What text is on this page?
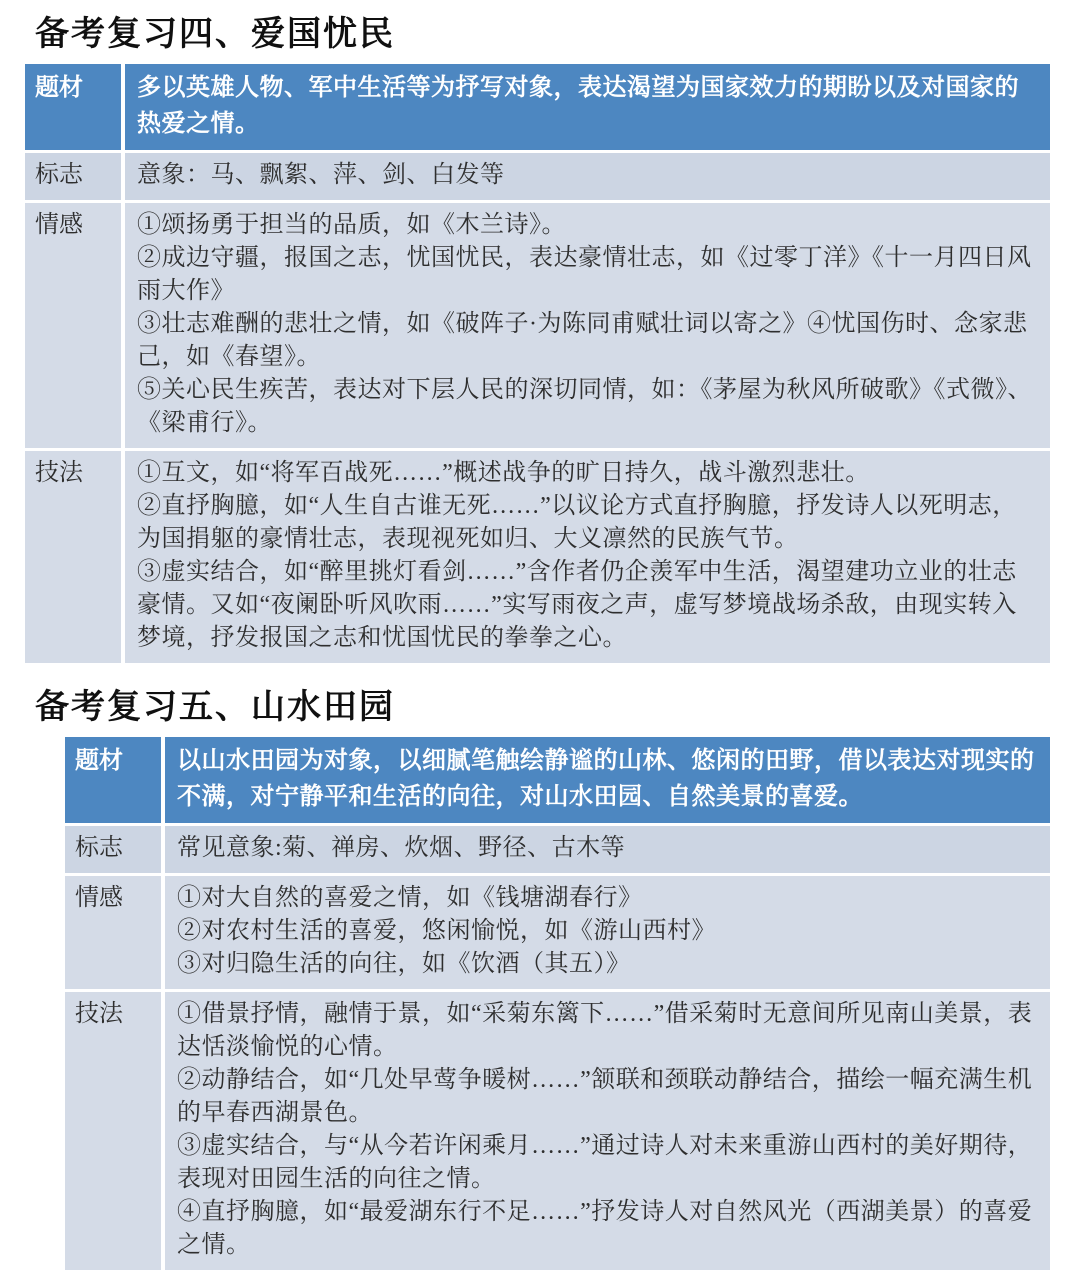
备考复习四、爱国忧民
题材	多以英雄人物、军中生活等为抒写对象，表达渴望为国家效力的期盼以及对国家的热爱之情。

标志	意象：马、飘絮、萍、剑、白发等

情感	①颂扬勇于担当的品质，如《木兰诗》。

②成边守疆，报国之志，忧国忧民，表达豪情壮志，如《过零丁洋》《十一月四日风雨大作》

③壮志难酬的悲壮之情，如《破阵子·为陈同甫赋壮词以寄之》④忧国伤时、念家悲己，如《春望》。

⑤关心民生疾苦，表达对下层人民的深切同情，如：《茅屋为秋风所破歌》《式微》、《梁甫行》。

技法	①互文，如“将军百战死……”概述战争的旷日持久，战斗激烈悲壮。

②直抒胸臆，如“人生自古谁无死……”以议论方式直抒胸臆，抒发诗人以死明志，为国捐躯的豪情壮志，表现视死如归、大义凛然的民族气节。

③虚实结合，如“醉里挑灯看剑……”含作者仍企羡军中生活，渴望建功立业的壮志豪情。又如“夜阑卧听风吹雨……”实写雨夜之声，虚写梦境战场杀敌，由现实转入梦境，抒发报国之志和忧国忧民的拳拳之心。

备考复习五、山水田园
题材	以山水田园为对象，以细腻笔触绘静谧的山林、悠闲的田野，借以表达对现实的不满，对宁静平和生活的向往，对山水田园、自然美景的喜爱。

标志	常见意象:菊、禅房、炊烟、野径、古木等

情感	①对大自然的喜爱之情，如《钱塘湖春行》

②对农村生活的喜爱，悠闲愉悦，如《游山西村》

③对归隐生活的向往，如《饮酒（其五）》

技法	①借景抒情，融情于景，如“采菊东篱下……”借采菊时无意间所见南山美景，表达恬淡愉悦的心情。

②动静结合，如“几处早莺争暖树……”颔联和颈联动静结合，描绘一幅充满生机的早春西湖景色。

③虚实结合，与“从今若许闲乘月……”通过诗人对未来重游山西村的美好期待，表现对田园生活的向往之情。

④直抒胸臆，如“最爱湖东行不足……”抒发诗人对自然风光（西湖美景）的喜爱之情。
